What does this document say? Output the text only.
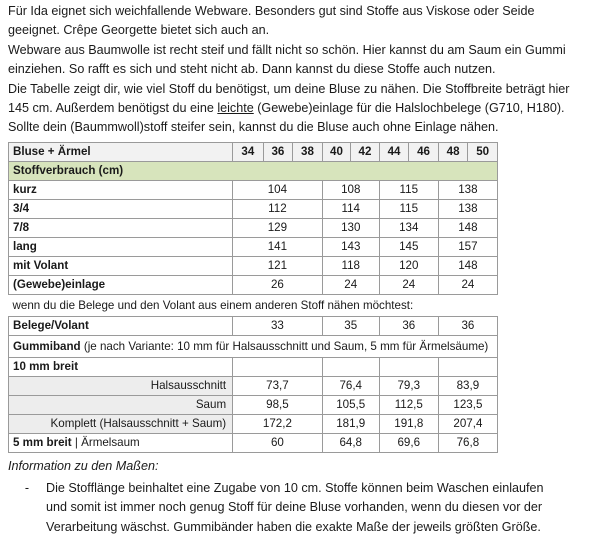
Für Ida eignet sich weichfallende Webware. Besonders gut sind Stoffe aus Viskose oder Seide

geeignet. Crêpe Georgette bietet sich auch an.

Webware aus Baumwolle ist recht steif und fällt nicht so schön. Hier kannst du am Saum ein Gummi

einziehen. So rafft es sich und steht nicht ab. Dann kannst du diese Stoffe auch nutzen.

Die Tabelle zeigt dir, wie viel Stoff du benötigst, um deine Bluse zu nähen. Die Stoffbreite beträgt hier

145 cm. Außerdem benötigst du eine leichte (Gewebe)einlage für die Halslochbelege (G710, H180).

Sollte dein (Baummwoll)stoff steifer sein, kannst du die Bluse auch ohne Einlage nähen.

Bluse + Ärmel	34	36	38	40	42	44	46	48	50
Stoffverbrauch (cm)									
kurz	104			108		115		138	
3/4	112			114		115		138	
7/8	129			130		134		148	
lang	141			143		145		157	
mit Volant	121			118		120		148	
(Gewebe)einlage	26			24		24		24	
wenn du die Belege und den Volant aus einem anderen Stoff nähen möchtest:									
Belege/Volant	33			35		36		36	
Gummiband (je nach Variante: 10 mm für Halsausschnitt und Saum, 5 mm für Ärmelsäume)									
10 mm breit									
Halsausschnitt	73,7			76,4		79,3		83,9	
Saum	98,5			105,5		112,5		123,5	
Komplett (Halsausschnitt + Saum)	172,2			181,9		191,8		207,4	
5 mm breit | Ärmelsaum	60			64,8		69,6		76,8	
Information zu den Maßen:
-	Die Stofflänge beinhaltet eine Zugabe von 10 cm. Stoffe können beim Waschen einlaufen und somit ist immer noch genug Stoff für deine Bluse vorhanden, wenn du diesen vor der Verarbeitung wäschst. Gummibänder haben die exakte Maße der jeweils größten Größe.
